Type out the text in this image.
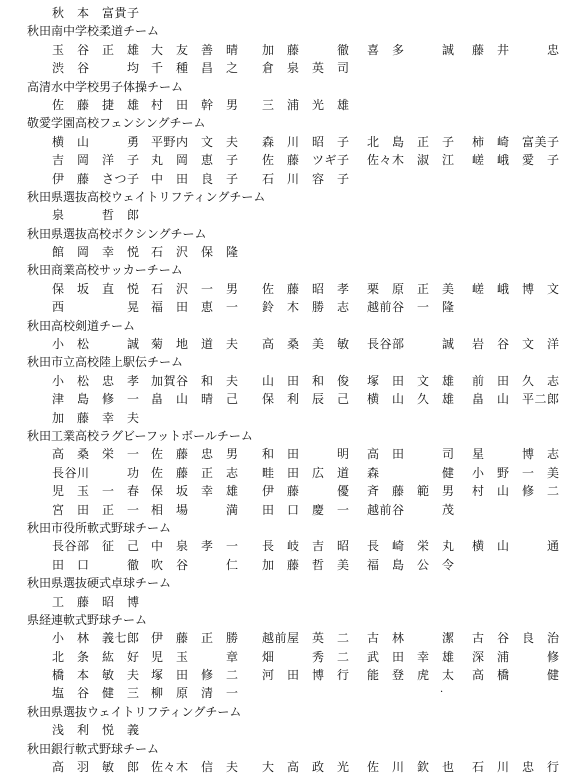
秋　本　富貴子
秋田南中学校柔道チーム
玉　谷　正　雄 大　友　善　晴 加　藤　　　徹 喜　多　　　誠 藤　井　　　忠
渋　谷　　　均 千　種　昌　之 倉　泉　英　司
高清水中学校男子体操チーム
佐　藤　捷　雄 村　田　幹　男 三　浦　光　雄
敬愛学園高校フェンシングチーム
横　山　　　勇 平野内　文　夫 森　川　昭　子 北　島　正　子 柿　崎　富美子
吉　岡　洋　子 丸　岡　恵　子 佐　藤　ツギ子 佐々木　淑　江 嵯　峨　愛　子
伊　藤　さつ子 中　田　良　子 石　川　容　子
秋田県選抜高校ウェイトリフティングチーム
泉　　　哲　郎
秋田県選抜高校ボクシングチーム
館　岡　幸　悦 石　沢　保　隆
秋田商業高校サッカーチーム
保　坂　直　悦 石　沢　一　男 佐　藤　昭　孝 栗　原　正　美 嵯　峨　博　文
西　　　　　晃 福　田　恵　一 鈴　木　勝　志 越前谷　一　隆
秋田高校剣道チーム
小　松　　　誠 菊　地　道　夫 高　桑　美　敏 長谷部　　　誠 岩　谷　文　洋
秋田市立高校陸上駅伝チーム
小　松　忠　孝 加賀谷　和　夫 山　田　和　俊 塚　田　文　雄 前　田　久　志
津　島　修　一 畠　山　晴　己 保　利　辰　己 横　山　久　雄 畠　山　平二郎
加　藤　幸　夫
秋田工業高校ラグビーフットボールチーム
高　桑　栄　一 佐　藤　忠　男 和　田　　　明 高　田　　　司 星　　　博　志
長谷川　　　功 佐　藤　正　志 畦　田　広　道 森　　　　　健 小　野　一　美
児　玉　一　春 保　坂　幸　雄 伊　藤　　　優 斉　藤　範　男 村　山　修　二
宮　田　正　一 相　場　　　満 田　口　慶　一 越前谷　　　茂
秋田市役所軟式野球チーム
長谷部　征　己 中　泉　孝　一 長　岐　吉　昭 長　崎　栄　丸 横　山　　　通
田　口　　　徹 吹　谷　　　仁 加　藤　哲　美 福　島　公　令
秋田県選抜硬式卓球チーム
工　藤　昭　博
県経連軟式野球チーム
小　林　義七郎 伊　藤　正　勝 越前屋　英　二 古　林　　　潔 古　谷　良　治
北　条　紘　好 児　玉　　　章 畑　　　秀　二 武　田　幸　雄 深　浦　　　修
橋　本　敏　夫 塚　田　修　二 河　田　博　行 能　登　虎　太 高　橋　　　健
塩　谷　健　三 柳　原　清　一	·
秋田県選抜ウェイトリフティングチーム
浅　利　悦　義
秋田銀行軟式野球チーム
高　羽　敏　郎 佐々木　信　夫 大　高　政　光 佐　川　欽　也 石　川　忠　行
